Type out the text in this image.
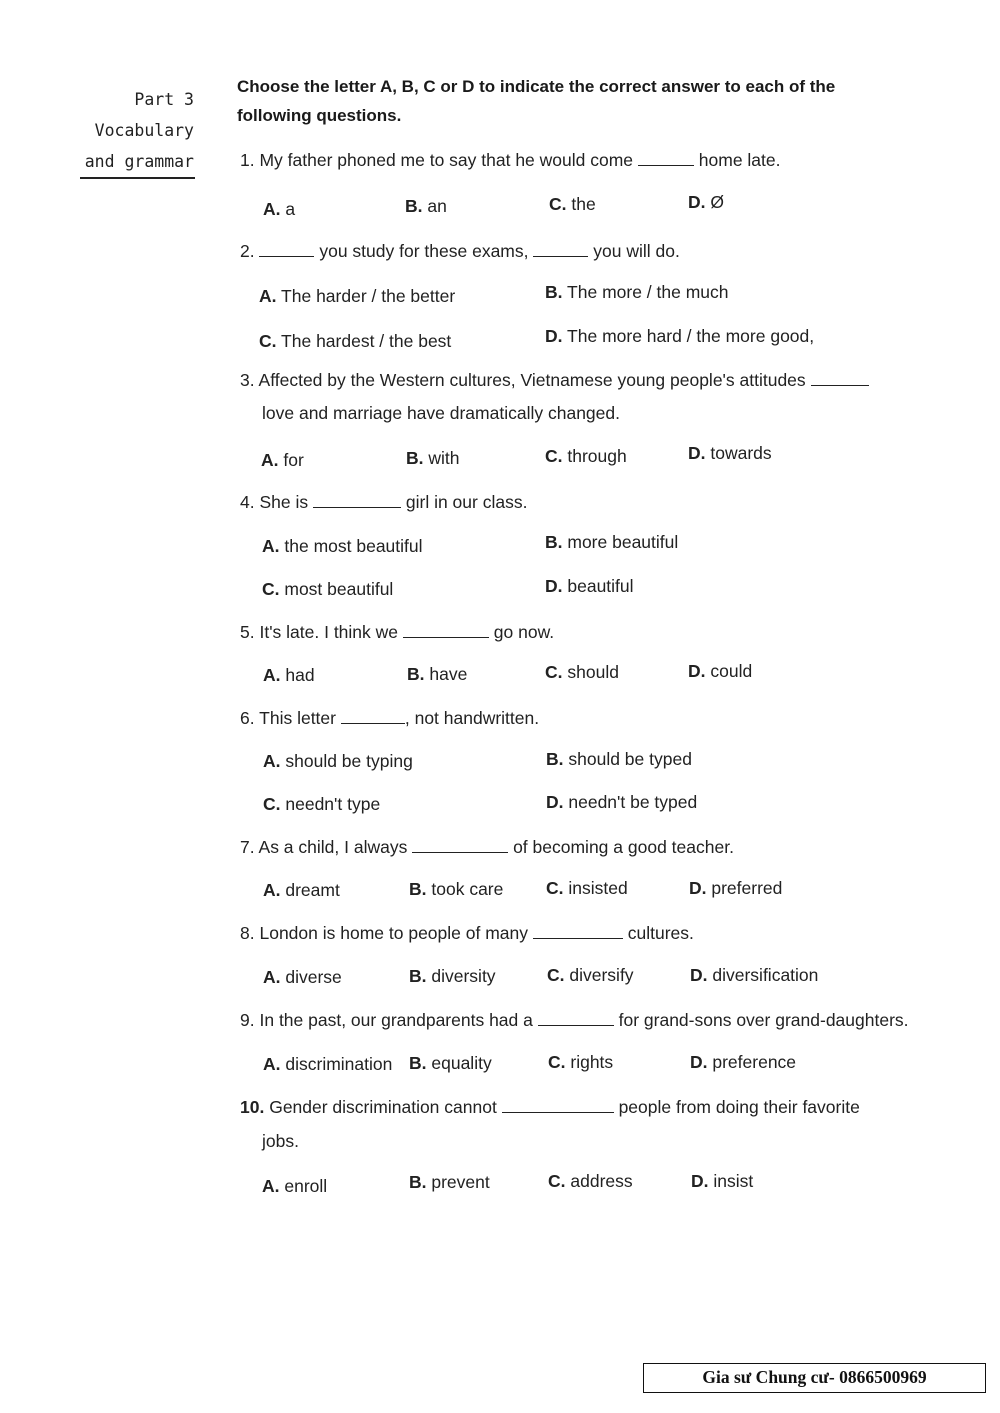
Part 3
Vocabulary
and grammar
Choose the letter A, B, C or D to indicate the correct answer to each of the following questions.
1. My father phoned me to say that he would come	home late.
A. a	B. an	C. the	D. Ø
2.	you study for these exams,	you will do.
A. The harder / the better	B. The more / the much
C. The hardest / the best	D. The more hard / the more good,
3. Affected by the Western cultures, Vietnamese young people's attitudes
love and marriage have dramatically changed.
A. for	B. with	C. through	D. towards
4. She is	girl in our class.
A. the most beautiful	B. more beautiful
C. most beautiful	D. beautiful
5. It's late. I think we	go now.
A. had	B. have	C. should	D. could
6. This letter	, not handwritten.
A. should be typing	B. should be typed
C. needn't type	D. needn't be typed
7. As a child, I always	of becoming a good teacher.
A. dreamt	B. took care C. insisted	D. preferred
8. London is home to people of many	cultures.
A. diverse	B. diversity	C. diversify	D. diversification
9. In the past, our grandparents had a	for grand-sons over grand-daughters.
A. discrimination B. equality	C. rights	D. preference
10. Gender discrimination cannot	people from doing their favorite
jobs.
A. enroll	B. prevent	C. address	D. insist
Gia sư Chung cư- 0866500969
